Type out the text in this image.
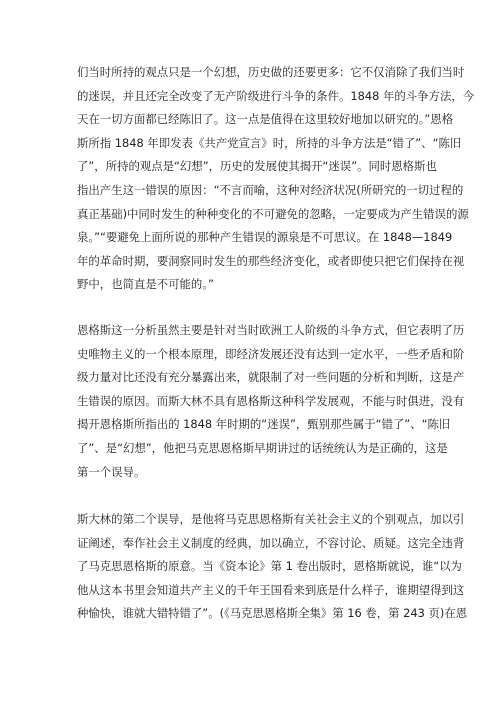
们当时所持的观点只是一个幻想，历史做的还要更多：它不仅消除了我们当时
的迷误，并且还完全改变了无产阶级进行斗争的条件。1848 年的斗争方法，今
天在一切方面都已经陈旧了。这一点是值得在这里较好地加以研究的。”恩格
斯所指 1848 年即发表《共产党宣言》时，所持的斗争方法是“错了”、“陈旧
了”，所持的观点是“幻想”，历史的发展使其揭开“迷误”。同时恩格斯也
指出产生这一错误的原因：“不言而喻，这种对经济状况(所研究的一切过程的
真正基础)中同时发生的种种变化的不可避免的忽略，一定要成为产生错误的源
泉。”“要避免上面所说的那种产生错误的源泉是不可思议。在 1848—1849
年的革命时期，要洞察同时发生的那些经济变化，或者即使只把它们保持在视
野中，也简直是不可能的。”
恩格斯这一分析虽然主要是针对当时欧洲工人阶级的斗争方式，但它表明了历
史唯物主义的一个根本原理，即经济发展还没有达到一定水平，一些矛盾和阶
级力量对比还没有充分暴露出来，就限制了对一些问题的分析和判断，这是产
生错误的原因。而斯大林不具有恩格斯这种科学发展观，不能与时俱进，没有
揭开恩格斯所指出的 1848 年时期的“迷误”，甄别那些属于“错了”、“陈旧
了”、是“幻想”，他把马克思恩格斯早期讲过的话统统认为是正确的，这是
第一个误导。
斯大林的第二个误导，是他将马克思恩格斯有关社会主义的个别观点，加以引
证阐述，奉作社会主义制度的经典，加以确立，不容讨论、质疑。这完全违背
了马克思恩格斯的原意。当《资本论》第 1 卷出版时，恩格斯就说，谁“以为
他从这本书里会知道共产主义的千年王国看来到底是什么样子，谁期望得到这
种愉快，谁就大错特错了”。(《马克思恩格斯全集》第 16 卷，第 243 页)在恩
